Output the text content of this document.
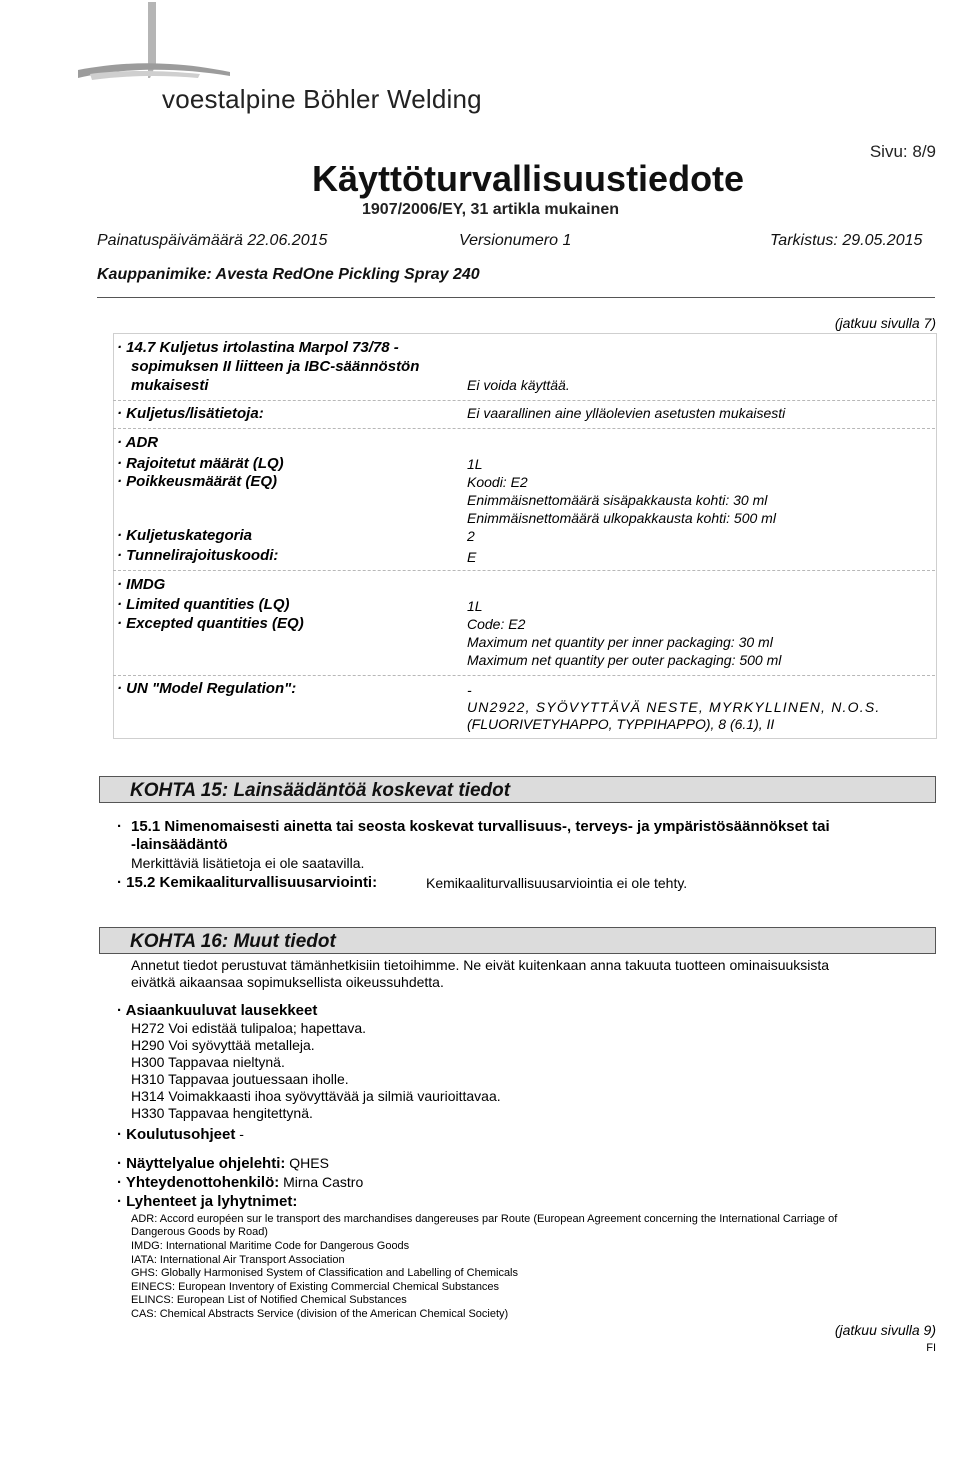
voestalpine Böhler Welding
Käyttöturvallisuustiedote
1907/2006/EY, 31 artikla mukainen
Sivu: 8/9
Painatuspäivämäärä 22.06.2015	Versionumero 1	Tarkistus: 29.05.2015
Kauppanimike: Avesta RedOne Pickling Spray 240
(jatkuu sivulla 7)
· 14.7 Kuljetus irtolastina Marpol 73/78 -
sopimuksen II liitteen ja IBC-säännöstön
mukaisesti	Ei voida käyttää.
· Kuljetus/lisätietoja:	Ei vaarallinen aine ylläolevien asetusten mukaisesti
· ADR
· Rajoitetut määrät (LQ)	1L
· Poikkeusmäärät (EQ)	Koodi: E2
Enimmäisnettomäärä sisäpakkausta kohti: 30 ml
Enimmäisnettomäärä ulkopakkausta kohti: 500 ml
· Kuljetuskategoria	2
· Tunnelirajoituskoodi:	E
· IMDG
· Limited quantities (LQ)	1L
· Excepted quantities (EQ)	Code: E2
Maximum net quantity per inner packaging: 30 ml
Maximum net quantity per outer packaging: 500 ml
· UN "Model Regulation":	-
UN2922, SYÖVYTTÄVÄ NESTE, MYRKYLLINEN, N.O.S.
(FLUORIVETYHAPPO, TYPPIHAPPO), 8 (6.1), II
KOHTA 15: Lainsäädäntöä koskevat tiedot
· 15.1 Nimenomaisesti ainetta tai seosta koskevat turvallisuus-, terveys- ja ympäristösäännökset tai
-lainsäädäntö
Merkittäviä lisätietoja ei ole saatavilla.
· 15.2 Kemikaaliturvallisuusarviointi:	Kemikaaliturvallisuusarviointia ei ole tehty.
KOHTA 16: Muut tiedot
Annetut tiedot perustuvat tämänhetkisiin tietoihimme. Ne eivät kuitenkaan anna takuuta tuotteen ominaisuuksista
eivätkä aikaansaa sopimuksellista oikeussuhdetta.
· Asiaankuuluvat lausekkeet
H272 Voi edistää tulipaloa; hapettava.
H290 Voi syövyttää metalleja.
H300 Tappavaa nieltynä.
H310 Tappavaa joutuessaan iholle.
H314 Voimakkaasti ihoa syövyttävää ja silmiä vaurioittavaa.
H330 Tappavaa hengitettynä.
· Koulutusohjeet -
· Näyttelyalue ohjelehti: QHES
· Yhteydenottohenkilö: Mirna Castro
· Lyhenteet ja lyhytnimet:
ADR: Accord européen sur le transport des marchandises dangereuses par Route (European Agreement concerning the International Carriage of
Dangerous Goods by Road)
IMDG: International Maritime Code for Dangerous Goods
IATA: International Air Transport Association
GHS: Globally Harmonised System of Classification and Labelling of Chemicals
EINECS: European Inventory of Existing Commercial Chemical Substances
ELINCS: European List of Notified Chemical Substances
CAS: Chemical Abstracts Service (division of the American Chemical Society)
(jatkuu sivulla 9)
FI
